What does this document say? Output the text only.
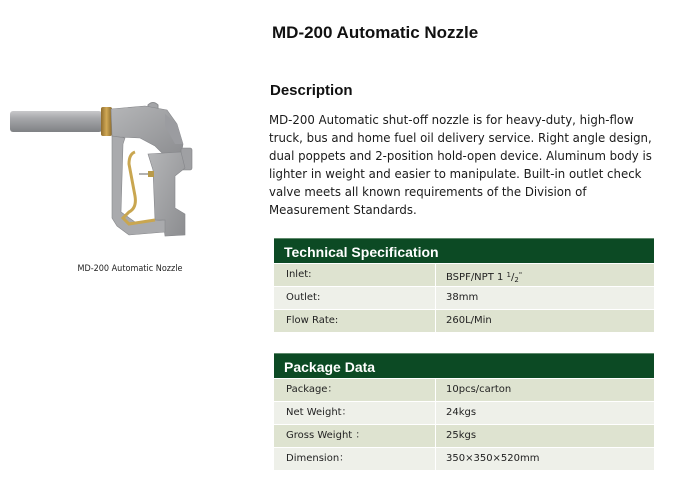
MD-200 Automatic Nozzle
MD-200 Automatic Nozzle
Description
MD-200 Automatic shut-off nozzle is for heavy-duty, high-flow truck, bus and home fuel oil delivery service. Right angle design, dual poppets and 2-position hold-open device. Aluminum body is lighter in weight and easier to manipulate. Built-in outlet check valve meets all known requirements of the Division of Measurement Standards.
Technical Specification
Inlet:	BSPF/NPT 1 $^1/_2^"$
Outlet:	38mm
Flow Rate:	260L/Min
Package Data
Package：	10pcs/carton
Net Weight：	24kgs
Gross Weight ：	25kgs
Dimension：	350×350×520mm
